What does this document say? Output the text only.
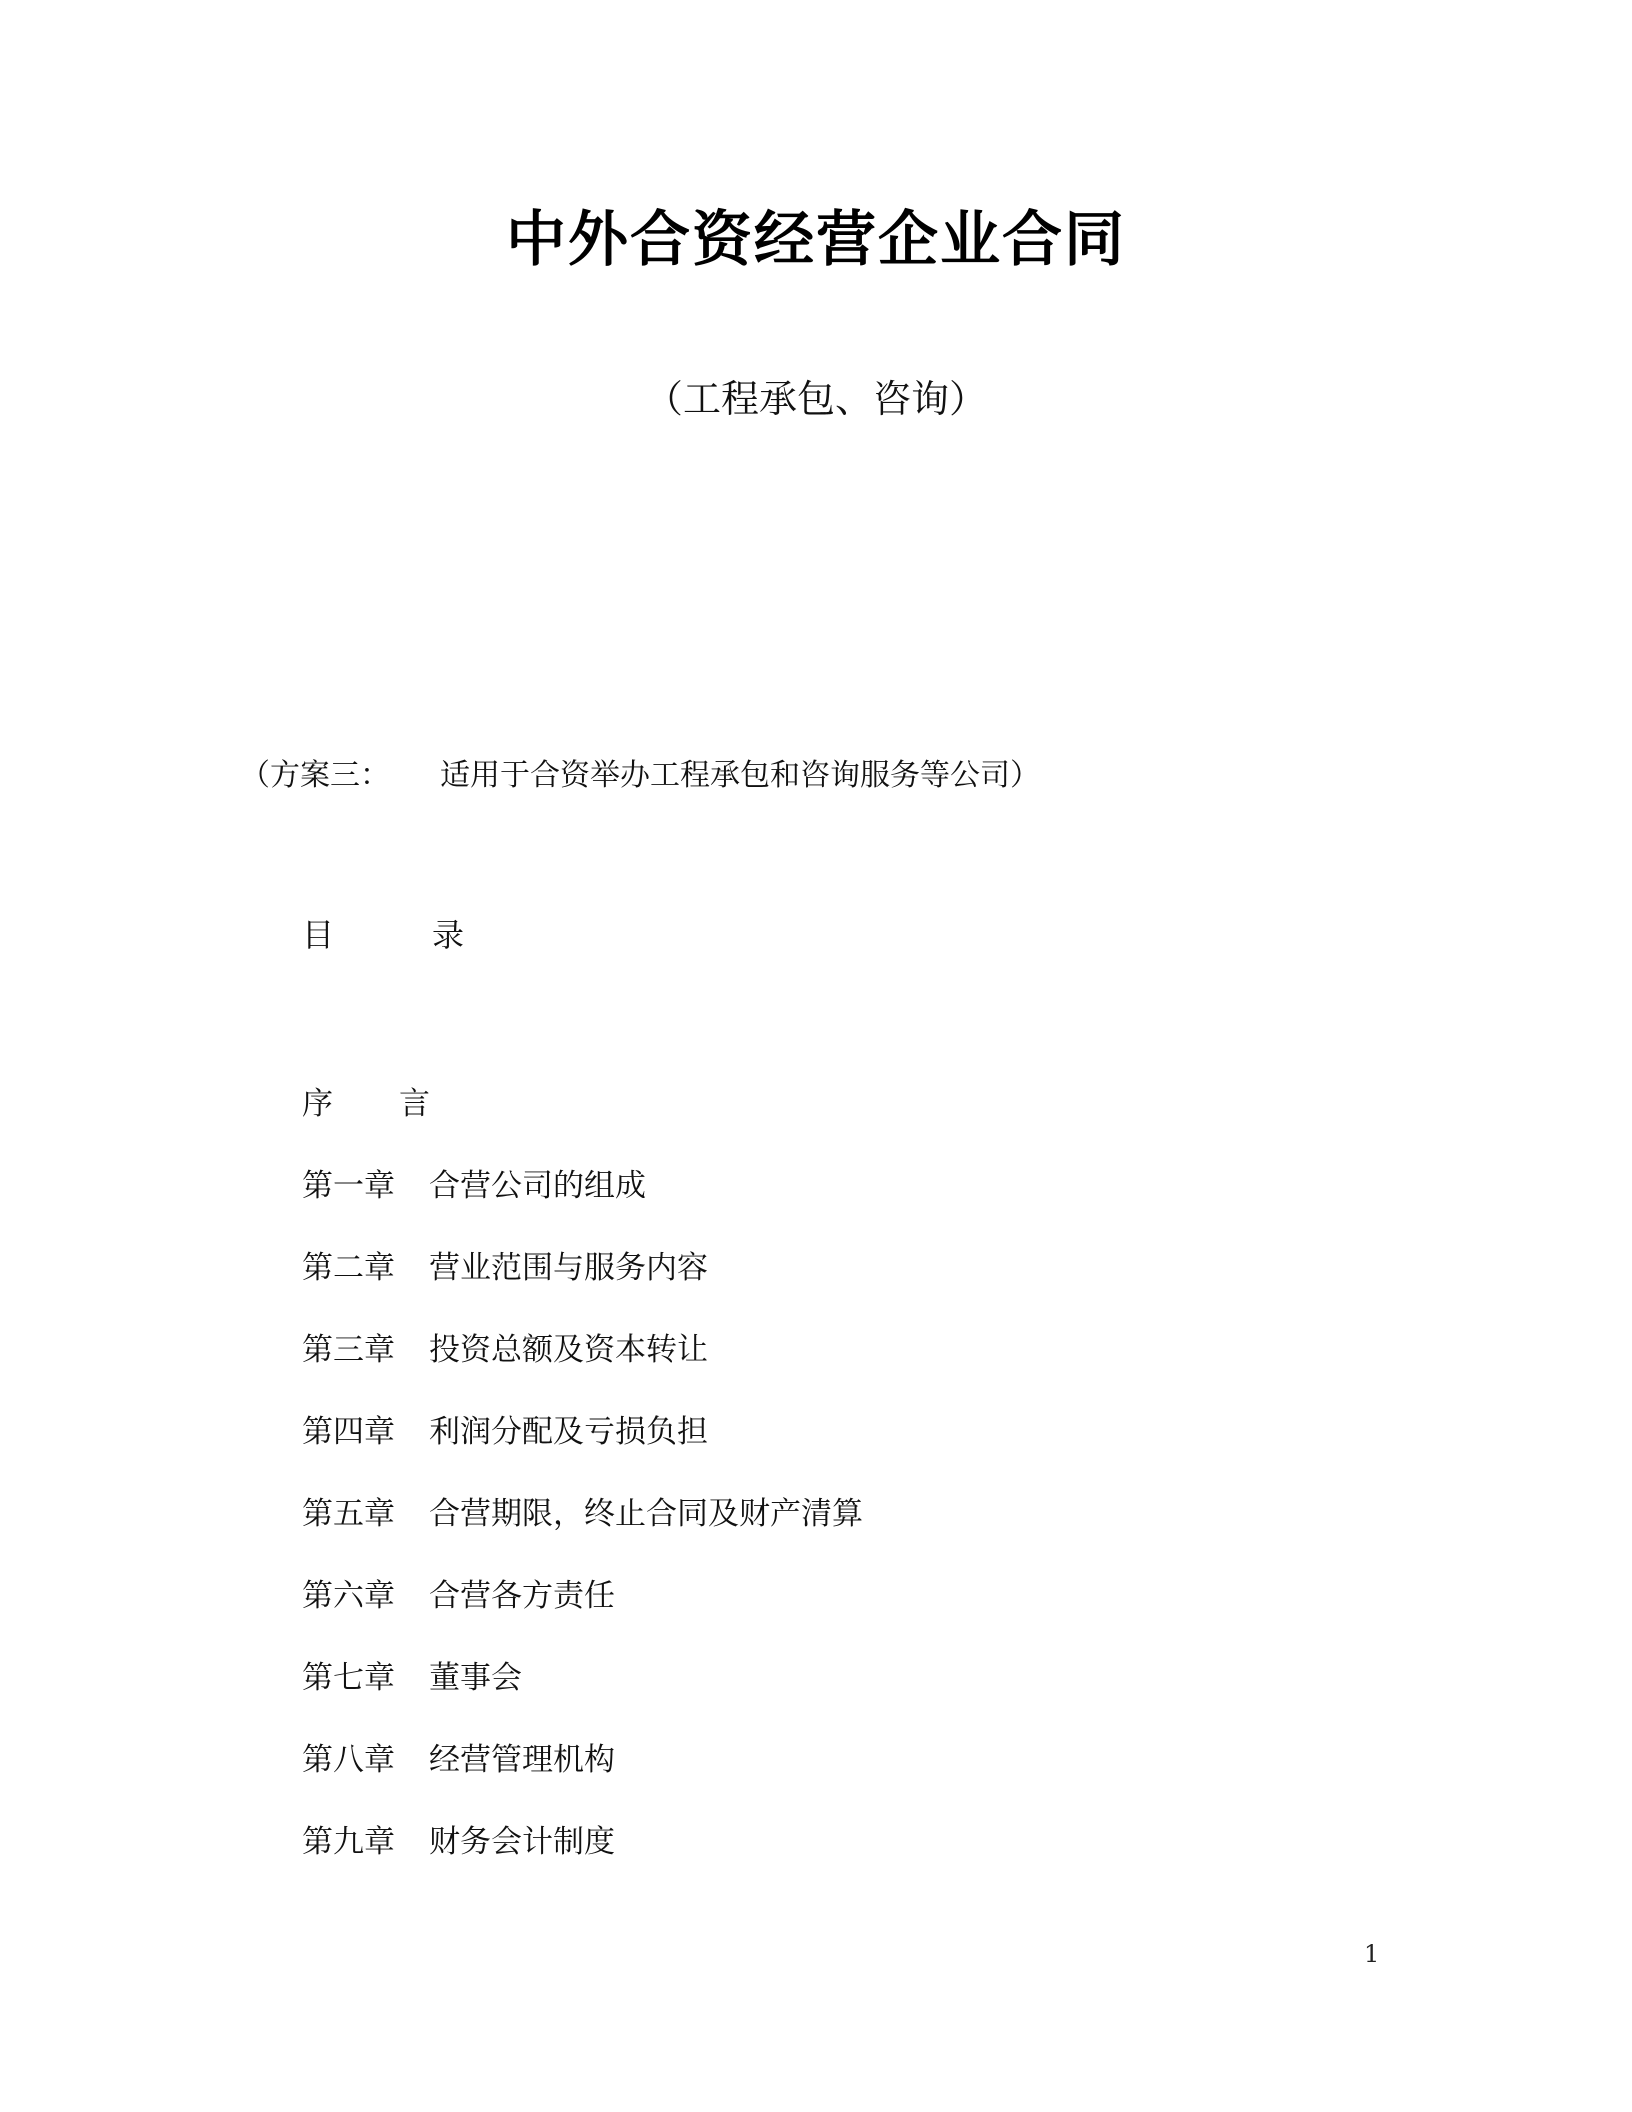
中外合资经营企业合同
（工程承包、咨询）
（方案三： 适用于合资举办工程承包和咨询服务等公司）
目	录
序 言
第一章 合营公司的组成
第二章 营业范围与服务内容
第三章 投资总额及资本转让
第四章 利润分配及亏损负担
第五章 合营期限，终止合同及财产清算
第六章 合营各方责任
第七章 董事会
第八章 经营管理机构
第九章 财务会计制度
1
